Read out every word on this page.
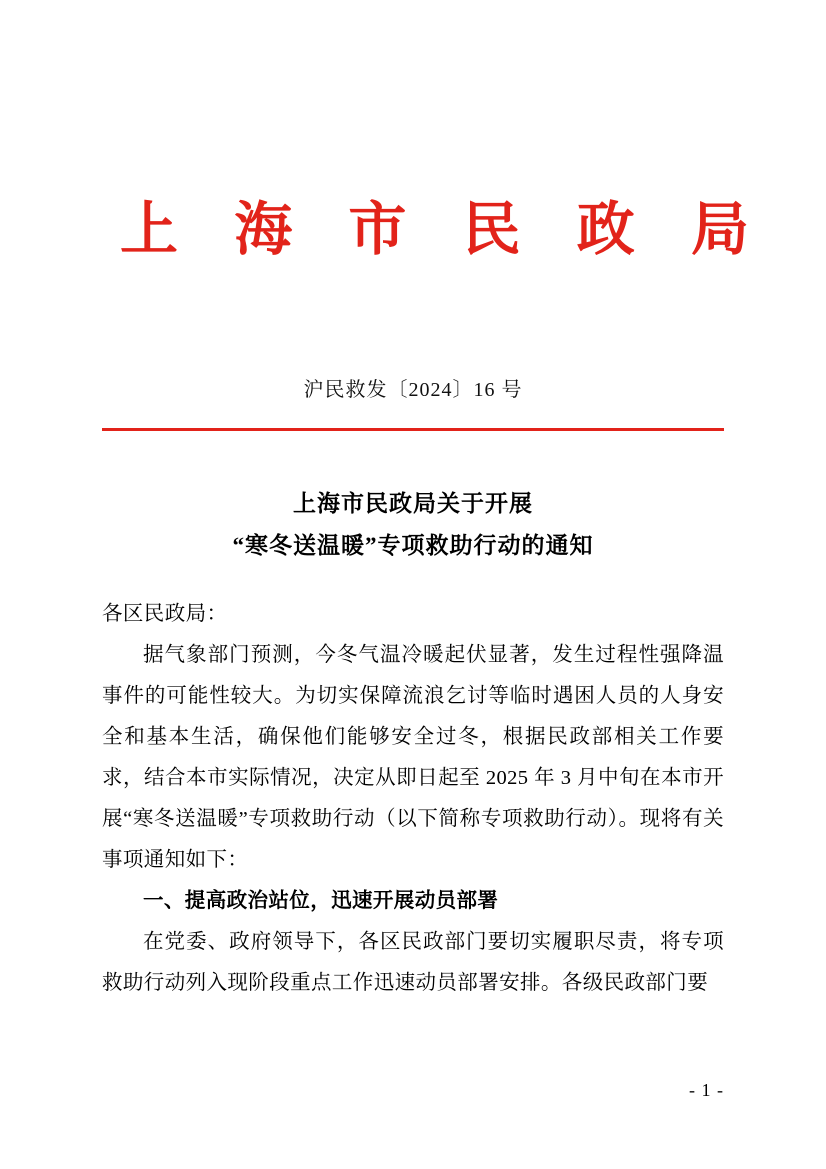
上 海 市 民 政 局
沪民救发〔2024〕16 号
上海市民政局关于开展
“寒冬送温暖”专项救助行动的通知

各区民政局：

据气象部门预测，今冬气温冷暖起伏显著，发生过程性强降温事件的可能性较大。为切实保障流浪乞讨等临时遇困人员的人身安全和基本生活，确保他们能够安全过冬，根据民政部相关工作要求，结合本市实际情况，决定从即日起至 2025 年 3 月中旬在本市开展“寒冬送温暖”专项救助行动（以下简称专项救助行动）。现将有关事项通知如下：

一、提高政治站位，迅速开展动员部署

在党委、政府领导下，各区民政部门要切实履职尽责，将专项救助行动列入现阶段重点工作迅速动员部署安排。各级民政部门要

- 1 -
